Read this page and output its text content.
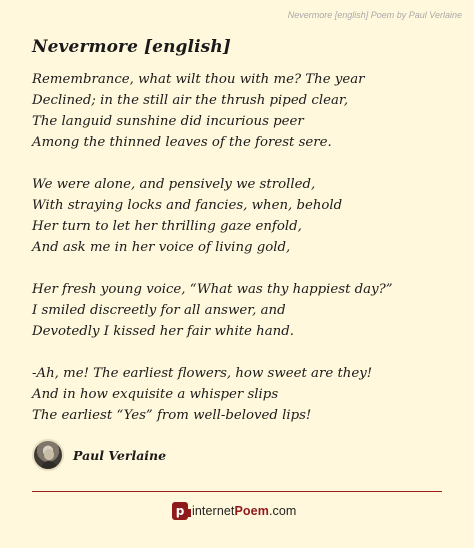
Nevermore [english] Poem by Paul Verlaine
Nevermore [english]
Remembrance, what wilt thou with me? The year
Declined; in the still air the thrush piped clear,
The languid sunshine did incurious peer
Among the thinned leaves of the forest sere.
We were alone, and pensively we strolled,
With straying locks and fancies, when, behold
Her turn to let her thrilling gaze enfold,
And ask me in her voice of living gold,
Her fresh young voice, “What was thy happiest day?”
I smiled discreetly for all answer, and
Devotedly I kissed her fair white hand.
-Ah, me! The earliest flowers, how sweet are they!
And in how exquisite a whisper slips
The earliest “Yes” from well-beloved lips!
Paul Verlaine
p internetPoem.com
